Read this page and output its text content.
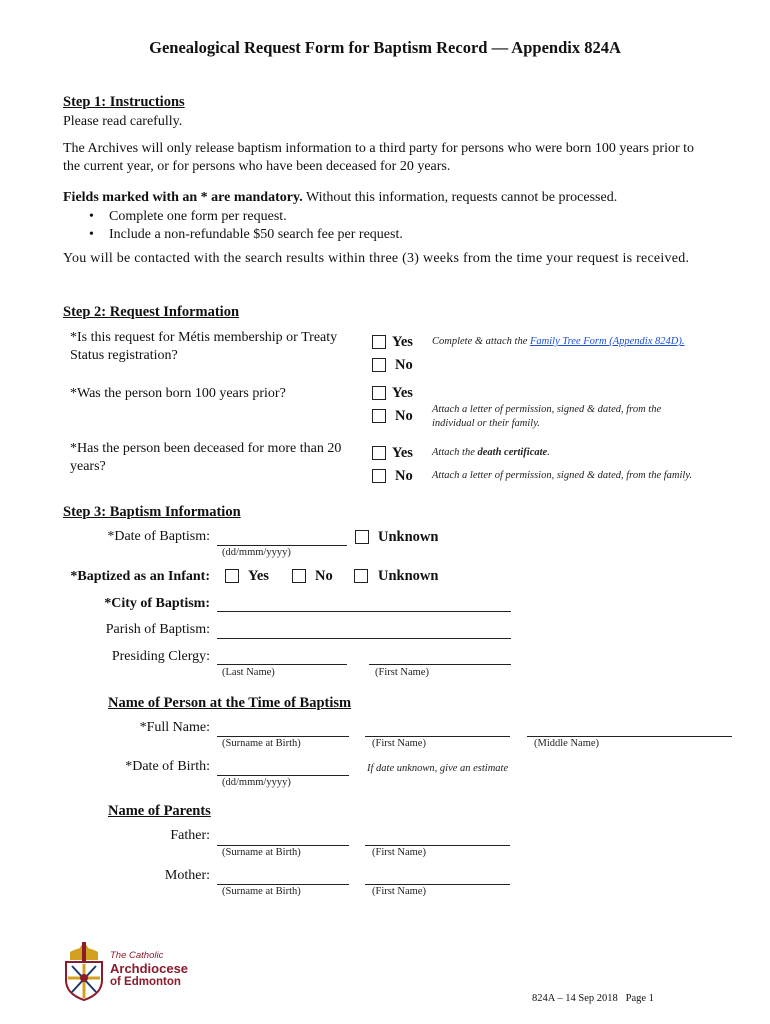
Genealogical Request Form for Baptism Record — Appendix 824A
Step 1: Instructions
Please read carefully.
The Archives will only release baptism information to a third party for persons who were born 100 years prior to the current year, or for persons who have been deceased for 20 years.
Fields marked with an * are mandatory. Without this information, requests cannot be processed.
• Complete one form per request.
• Include a non-refundable $50 search fee per request.
You will be contacted with the search results within three (3) weeks from the time your request is received.
Step 2: Request Information
*Is this request for Métis membership or Treaty Status registration?
Yes
No
Complete & attach the Family Tree Form (Appendix 824D).
*Was the person born 100 years prior?	Yes
No Attach a letter of permission, signed & dated, from the individual or their family.
*Has the person been deceased for more than 20 years?
Yes Attach the death certificate.
No Attach a letter of permission, signed & dated, from the family.
Step 3: Baptism Information
*Date of Baptism:
(dd/mmm/yyyy)
Unknown
*Baptized as an Infant:	Yes	No	Unknown
*City of Baptism:
Parish of Baptism:
Presiding Clergy:
(Last Name)	(First Name)
Name of Person at the Time of Baptism
*Full Name:
(Surname at Birth)	(First Name)	(Middle Name)
*Date of Birth:
(dd/mmm/yyyy)
If date unknown, give an estimate
Name of Parents
Father:
(Surname at Birth)	(First Name)
Mother:
(Surname at Birth)	(First Name)
The Catholic
Archdiocese
of Edmonton
824A – 14 Sep 2018   Page 1
